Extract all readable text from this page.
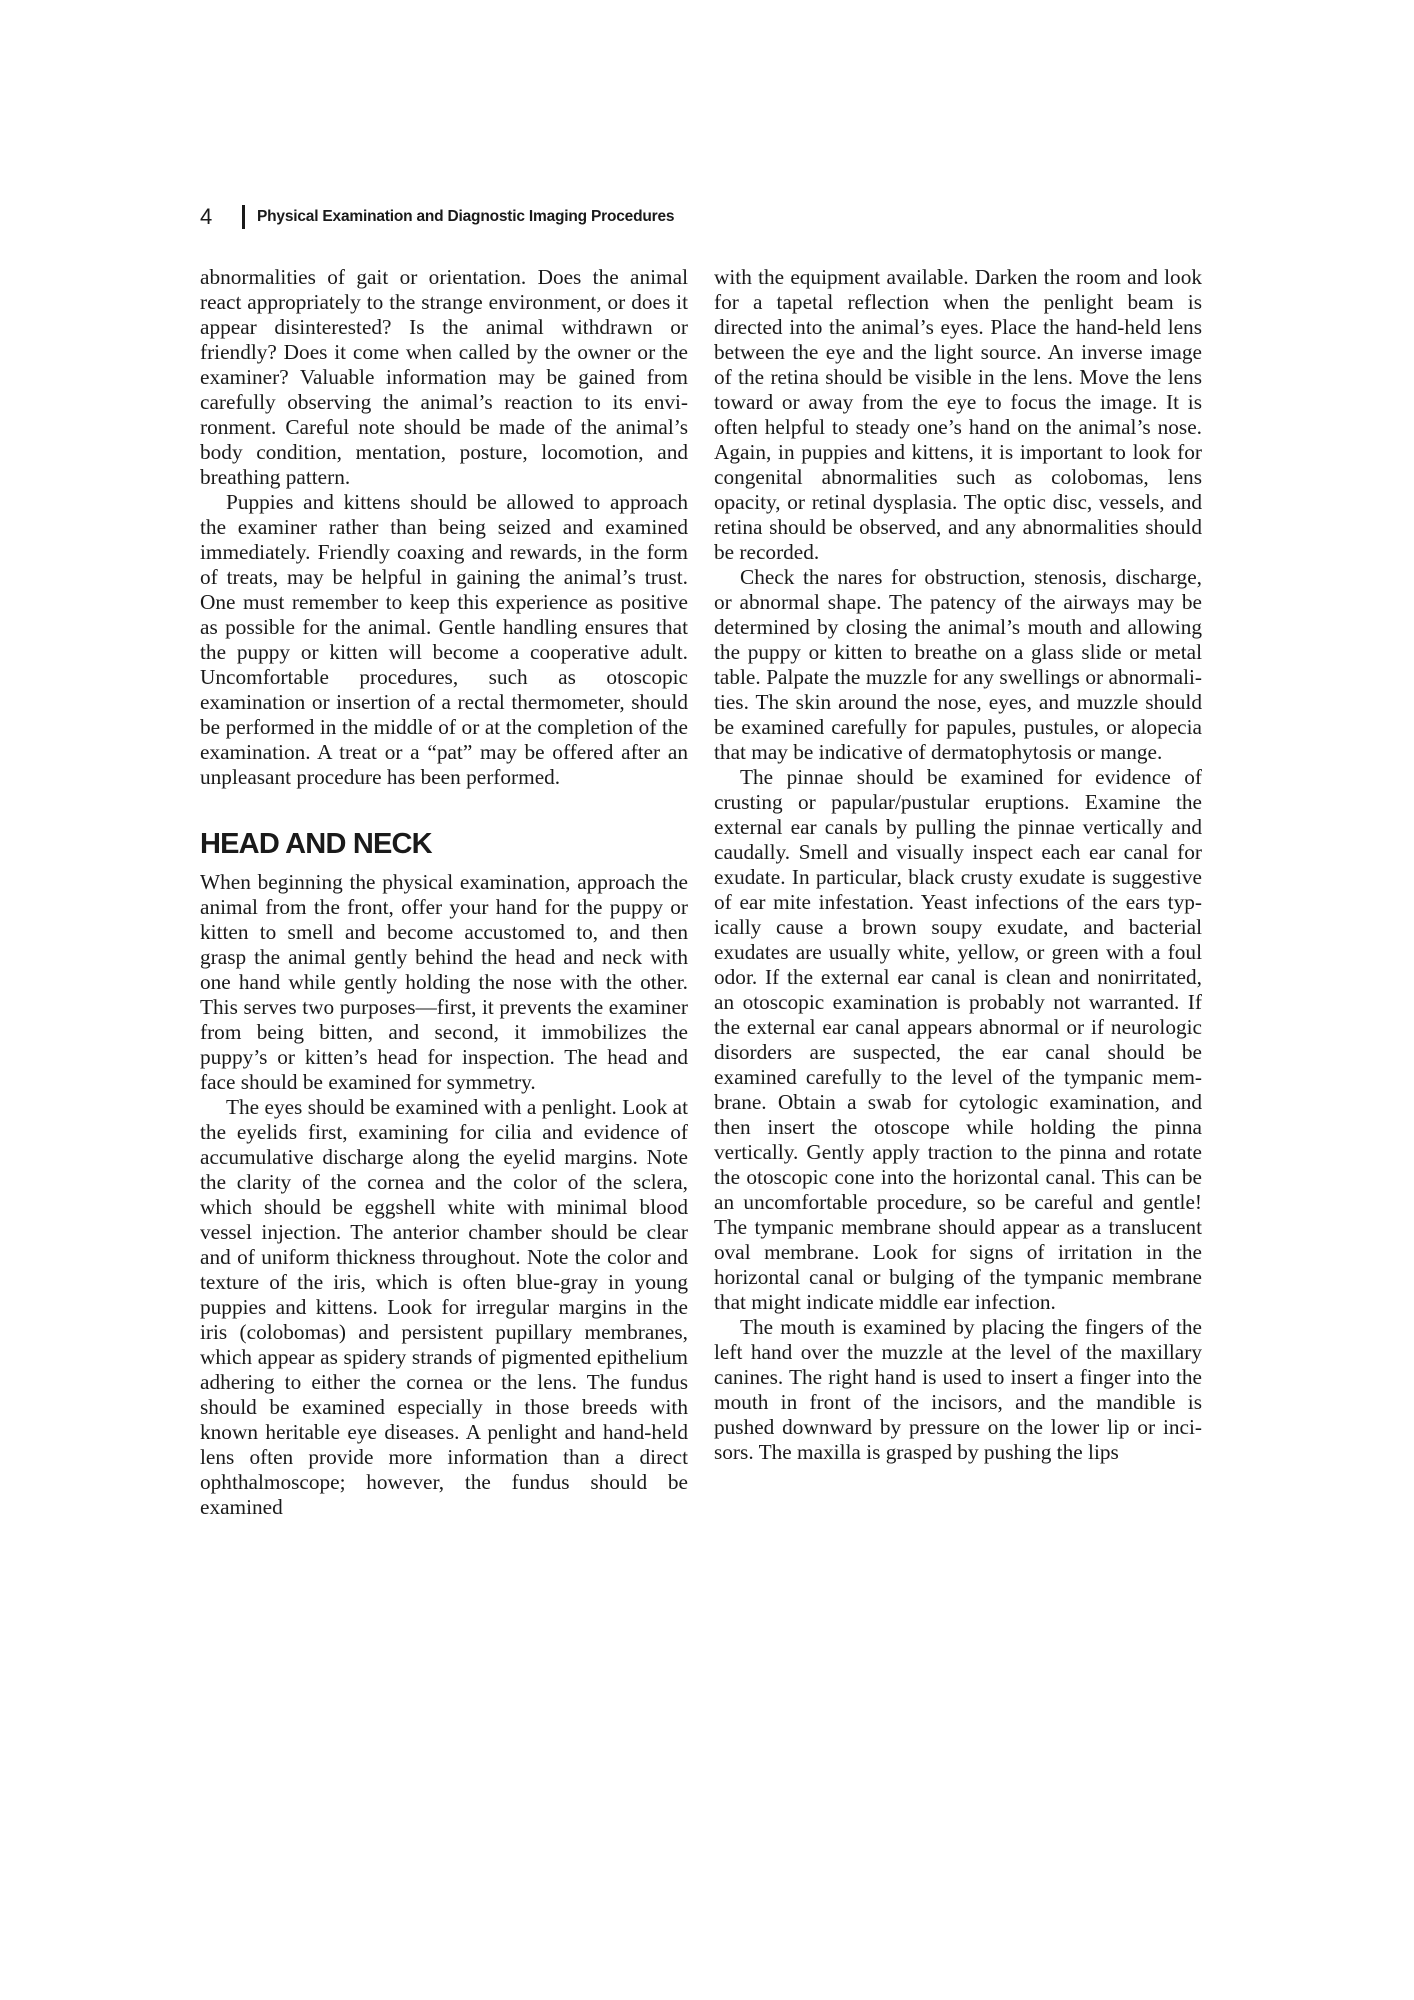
4	Physical Examination and Diagnostic Imaging Procedures

abnormalities of gait or orientation. Does the animal react appropriately to the strange environment, or does it appear disinterested? Is the animal withdrawn or friendly? Does it come when called by the owner or the examiner? Valuable information may be gained from carefully observing the animal’s reaction to its environment. Careful note should be made of the animal’s body condition, mentation, posture, locomotion, and breathing pattern.

Puppies and kittens should be allowed to approach the examiner rather than being seized and examined immediately. Friendly coaxing and rewards, in the form of treats, may be helpful in gaining the animal’s trust. One must remember to keep this experience as positive as possible for the animal. Gentle handling ensures that the puppy or kitten will become a cooperative adult. Uncomfortable procedures, such as otoscopic examination or insertion of a rectal thermometer, should be performed in the middle of or at the completion of the examination. A treat or a “pat” may be offered after an unpleasant procedure has been performed.

HEAD AND NECK

When beginning the physical examination, approach the animal from the front, offer your hand for the puppy or kitten to smell and become accustomed to, and then grasp the animal gently behind the head and neck with one hand while gently holding the nose with the other. This serves two purposes—first, it prevents the examiner from being bitten, and second, it immobilizes the puppy’s or kitten’s head for inspection. The head and face should be examined for symmetry.

The eyes should be examined with a penlight. Look at the eyelids first, examining for cilia and evidence of accumulative discharge along the eyelid margins. Note the clarity of the cornea and the color of the sclera, which should be eggshell white with minimal blood vessel injection. The anterior chamber should be clear and of uniform thickness throughout. Note the color and texture of the iris, which is often blue-gray in young puppies and kittens. Look for irregular margins in the iris (colobomas) and persistent pupillary membranes, which appear as spidery strands of pigmented epithelium adhering to either the cornea or the lens. The fundus should be examined especially in those breeds with known heritable eye diseases. A penlight and hand-held lens often provide more information than a direct ophthalmoscope; however, the fundus should be examined

with the equipment available. Darken the room and look for a tapetal reflection when the penlight beam is directed into the animal’s eyes. Place the hand-held lens between the eye and the light source. An inverse image of the retina should be visible in the lens. Move the lens toward or away from the eye to focus the image. It is often helpful to steady one’s hand on the animal’s nose. Again, in puppies and kittens, it is important to look for congenital abnormalities such as colobomas, lens opacity, or retinal dysplasia. The optic disc, vessels, and retina should be observed, and any abnormalities should be recorded.

Check the nares for obstruction, stenosis, discharge, or abnormal shape. The patency of the airways may be determined by closing the animal’s mouth and allowing the puppy or kitten to breathe on a glass slide or metal table. Palpate the muzzle for any swellings or abnormalities. The skin around the nose, eyes, and muzzle should be examined carefully for papules, pustules, or alopecia that may be indicative of dermatophytosis or mange.

The pinnae should be examined for evidence of crusting or papular/pustular eruptions. Examine the external ear canals by pulling the pinnae vertically and caudally. Smell and visually inspect each ear canal for exudate. In particular, black crusty exudate is suggestive of ear mite infestation. Yeast infections of the ears typically cause a brown soupy exudate, and bacterial exudates are usually white, yellow, or green with a foul odor. If the external ear canal is clean and nonirritated, an otoscopic examination is probably not warranted. If the external ear canal appears abnormal or if neurologic disorders are suspected, the ear canal should be examined carefully to the level of the tympanic membrane. Obtain a swab for cytologic examination, and then insert the otoscope while holding the pinna vertically. Gently apply traction to the pinna and rotate the otoscopic cone into the horizontal canal. This can be an uncomfortable procedure, so be careful and gentle! The tympanic membrane should appear as a translucent oval membrane. Look for signs of irritation in the horizontal canal or bulging of the tympanic membrane that might indicate middle ear infection.

The mouth is examined by placing the fingers of the left hand over the muzzle at the level of the maxillary canines. The right hand is used to insert a finger into the mouth in front of the incisors, and the mandible is pushed downward by pressure on the lower lip or incisors. The maxilla is grasped by pushing the lips
